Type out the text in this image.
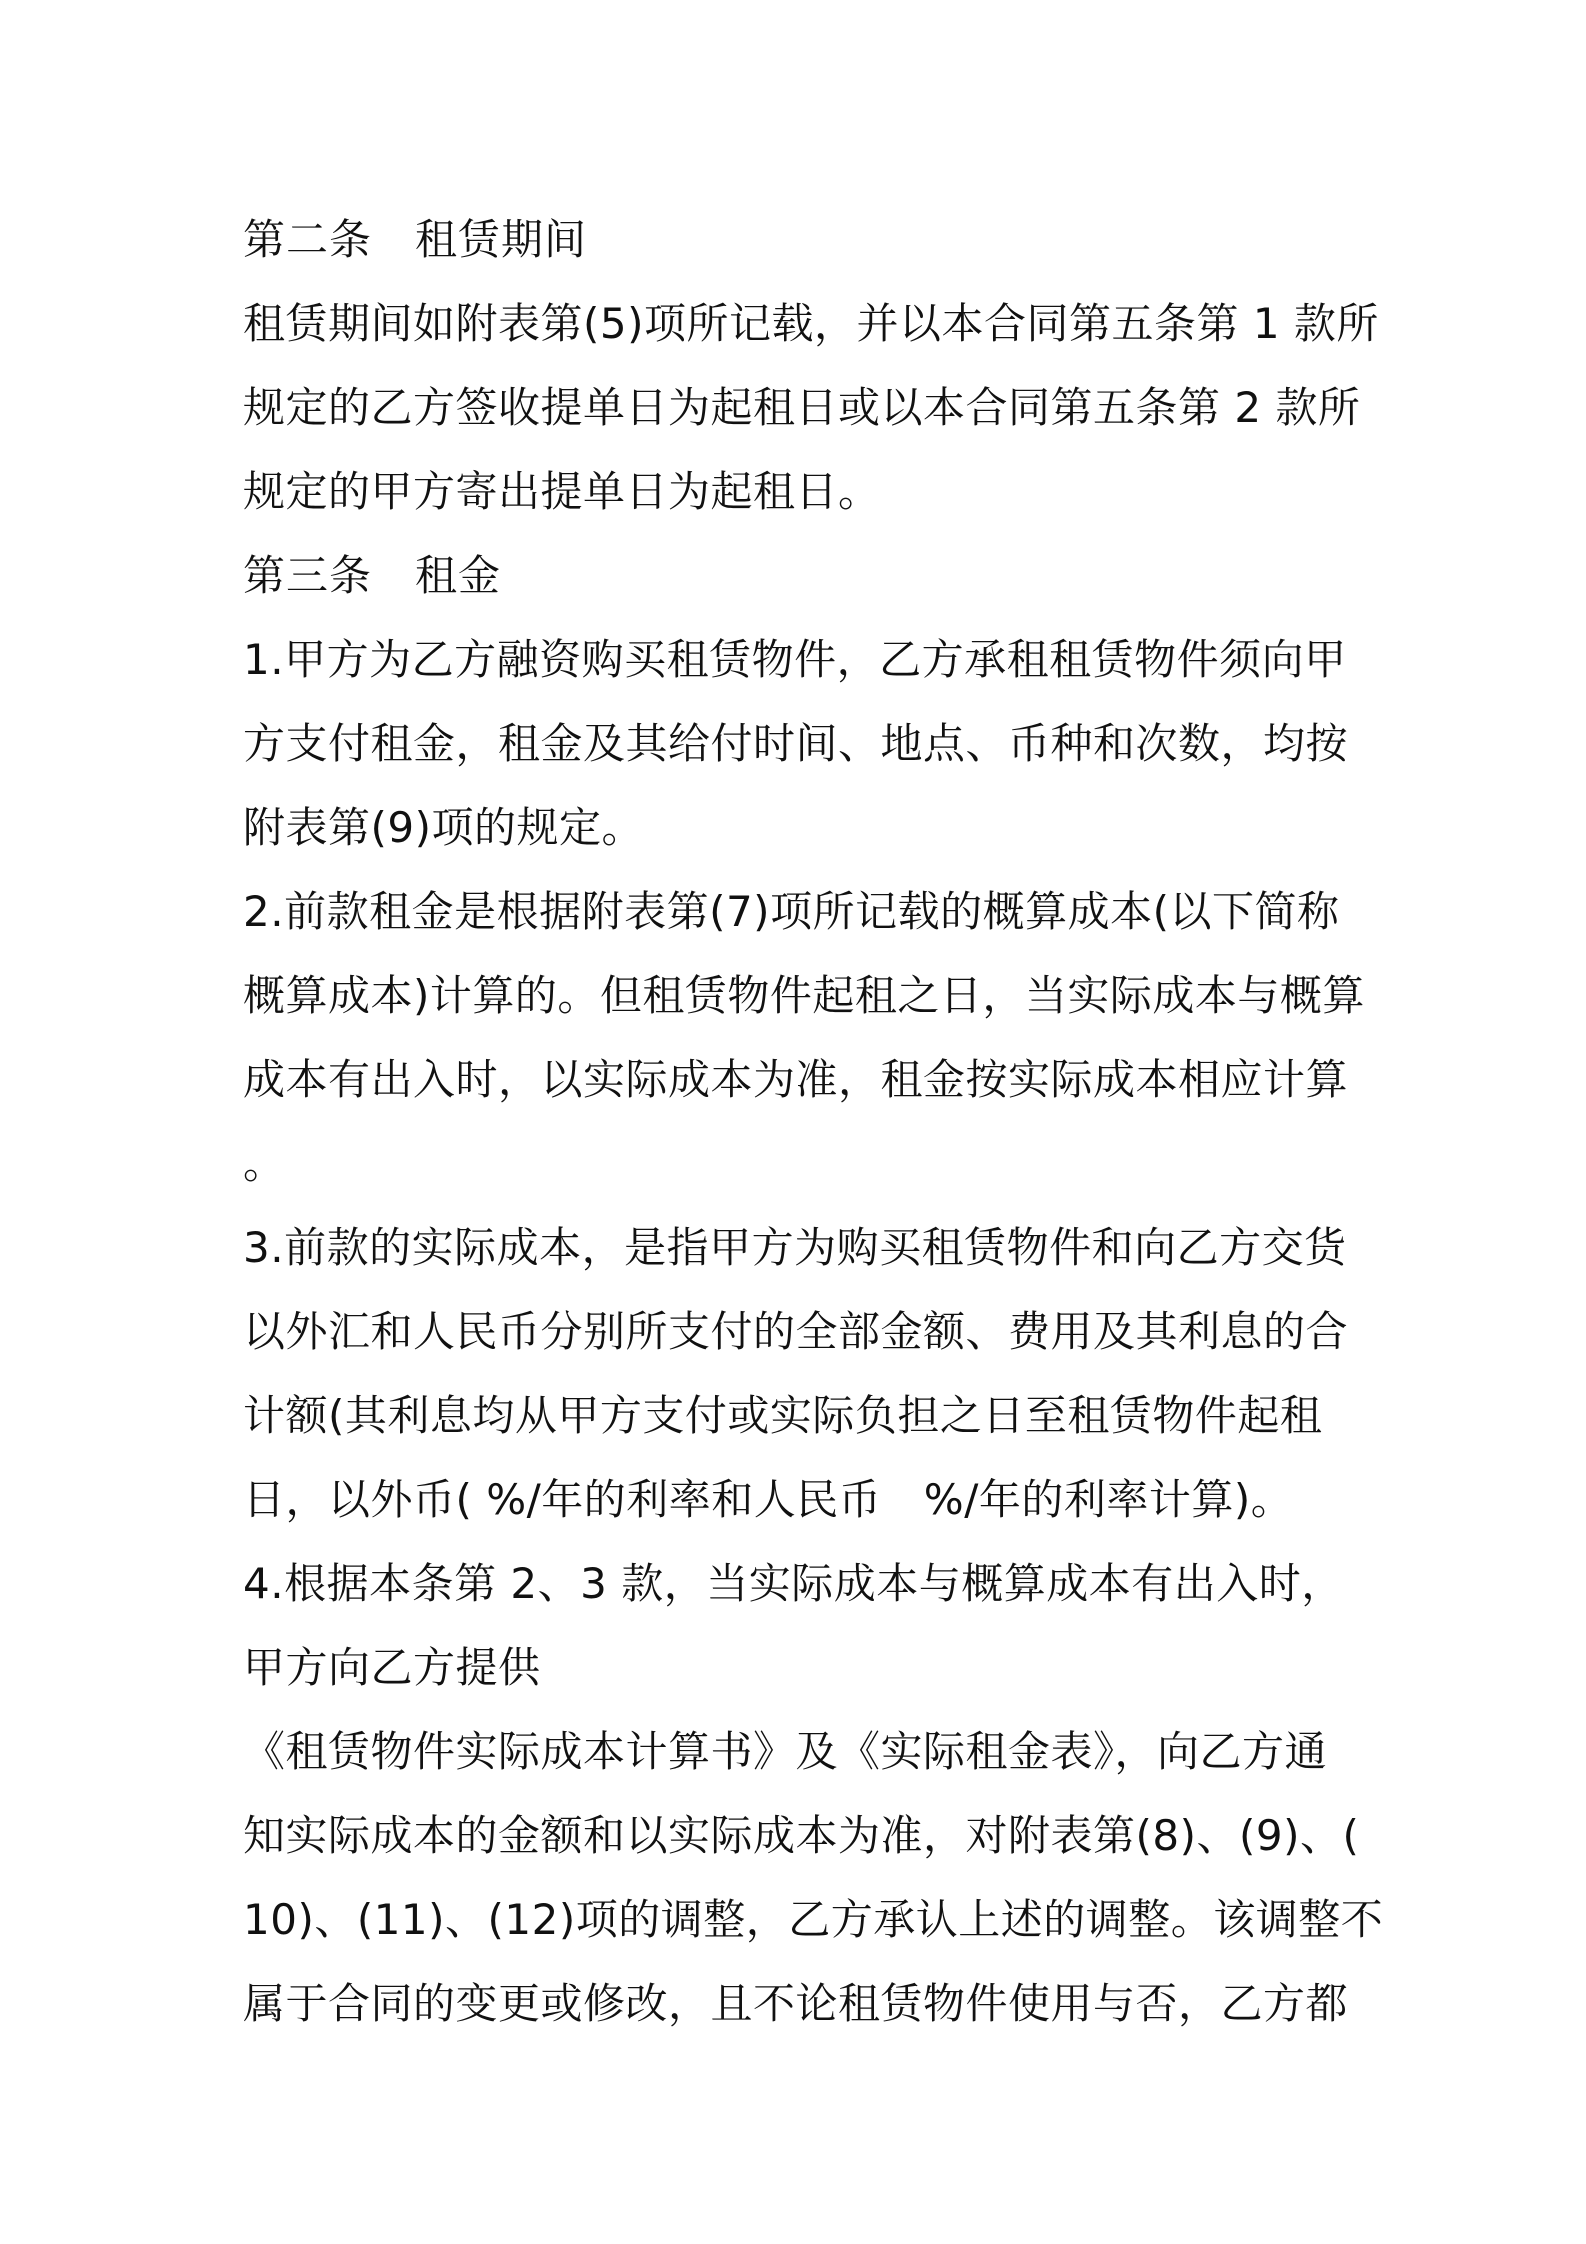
第二条　租赁期间
租赁期间如附表第(5)项所记载，并以本合同第五条第 1 款所
规定的乙方签收提单日为起租日或以本合同第五条第 2 款所
规定的甲方寄出提单日为起租日。
第三条　租金
1.甲方为乙方融资购买租赁物件，乙方承租租赁物件须向甲
方支付租金，租金及其给付时间、地点、币种和次数，均按
附表第(9)项的规定。
2.前款租金是根据附表第(7)项所记载的概算成本(以下简称
概算成本)计算的。但租赁物件起租之日，当实际成本与概算
成本有出入时，以实际成本为准，租金按实际成本相应计算
。
3.前款的实际成本，是指甲方为购买租赁物件和向乙方交货
以外汇和人民币分别所支付的全部金额、费用及其利息的合
计额(其利息均从甲方支付或实际负担之日至租赁物件起租
日，以外币( %/年的利率和人民币　%/年的利率计算)。
4.根据本条第 2、3 款，当实际成本与概算成本有出入时，
甲方向乙方提供
《租赁物件实际成本计算书》及《实际租金表》，向乙方通
知实际成本的金额和以实际成本为准，对附表第(8)、(9)、(
10)、(11)、(12)项的调整，乙方承认上述的调整。该调整不
属于合同的变更或修改，且不论租赁物件使用与否，乙方都
